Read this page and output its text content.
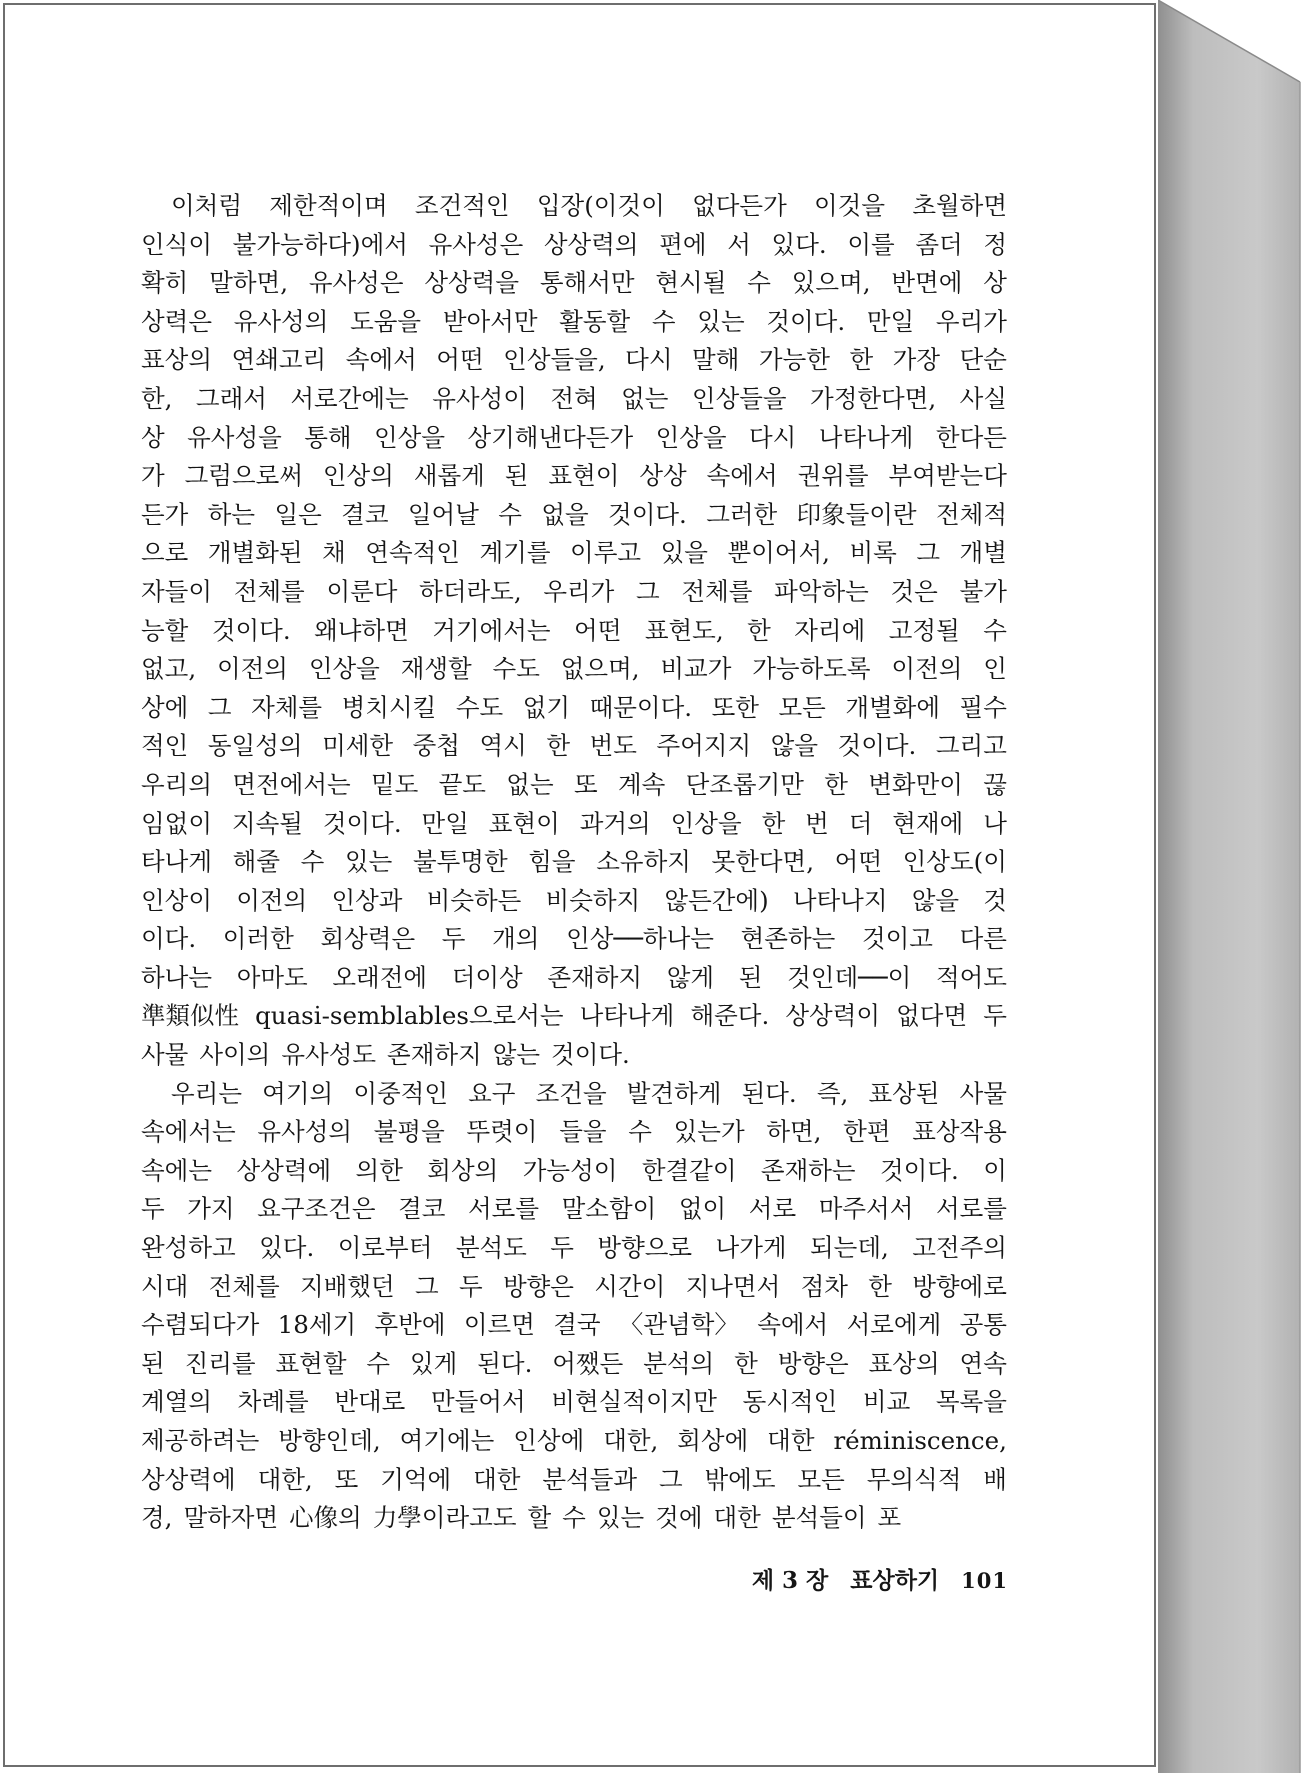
이처럼 제한적이며 조건적인 입장(이것이 없다든가 이것을 초월하면
인식이 불가능하다)에서 유사성은 상상력의 편에 서 있다. 이를 좀더 정
확히 말하면, 유사성은 상상력을 통해서만 현시될 수 있으며, 반면에 상
상력은 유사성의 도움을 받아서만 활동할 수 있는 것이다. 만일 우리가
표상의 연쇄고리 속에서 어떤 인상들을, 다시 말해 가능한 한 가장 단순
한, 그래서 서로간에는 유사성이 전혀 없는 인상들을 가정한다면, 사실
상 유사성을 통해 인상을 상기해낸다든가 인상을 다시 나타나게 한다든
가 그럼으로써 인상의 새롭게 된 표현이 상상 속에서 권위를 부여받는다
든가 하는 일은 결코 일어날 수 없을 것이다. 그러한 印象들이란 전체적
으로 개별화된 채 연속적인 계기를 이루고 있을 뿐이어서, 비록 그 개별
자들이 전체를 이룬다 하더라도, 우리가 그 전체를 파악하는 것은 불가
능할 것이다. 왜냐하면 거기에서는 어떤 표현도, 한 자리에 고정될 수
없고, 이전의 인상을 재생할 수도 없으며, 비교가 가능하도록 이전의 인
상에 그 자체를 병치시킬 수도 없기 때문이다. 또한 모든 개별화에 필수
적인 동일성의 미세한 중첩 역시 한 번도 주어지지 않을 것이다. 그리고
우리의 면전에서는 밑도 끝도 없는 또 계속 단조롭기만 한 변화만이 끊
임없이 지속될 것이다. 만일 표현이 과거의 인상을 한 번 더 현재에 나
타나게 해줄 수 있는 불투명한 힘을 소유하지 못한다면, 어떤 인상도(이
인상이 이전의 인상과 비슷하든 비슷하지 않든간에) 나타나지 않을 것
이다. 이러한 회상력은 두 개의 인상──하나는 현존하는 것이고 다른
하나는 아마도 오래전에 더이상 존재하지 않게 된 것인데──이 적어도
準類似性 quasi-semblables으로서는 나타나게 해준다. 상상력이 없다면 두
사물 사이의 유사성도 존재하지 않는 것이다.
우리는 여기의 이중적인 요구 조건을 발견하게 된다. 즉, 표상된 사물
속에서는 유사성의 불평을 뚜렷이 들을 수 있는가 하면, 한편 표상작용
속에는 상상력에 의한 회상의 가능성이 한결같이 존재하는 것이다. 이
두 가지 요구조건은 결코 서로를 말소함이 없이 서로 마주서서 서로를
완성하고 있다. 이로부터 분석도 두 방향으로 나가게 되는데, 고전주의
시대 전체를 지배했던 그 두 방향은 시간이 지나면서 점차 한 방향에로
수렴되다가 18세기 후반에 이르면 결국 〈관념학〉 속에서 서로에게 공통
된 진리를 표현할 수 있게 된다. 어쨌든 분석의 한 방향은 표상의 연속
계열의 차례를 반대로 만들어서 비현실적이지만 동시적인 비교 목록을
제공하려는 방향인데, 여기에는 인상에 대한, 회상에 대한 réminiscence,
상상력에 대한, 또 기억에 대한 분석들과 그 밖에도 모든 무의식적 배
경, 말하자면 心像의 力學이라고도 할 수 있는 것에 대한 분석들이 포
제 3 장 표상하기 101
